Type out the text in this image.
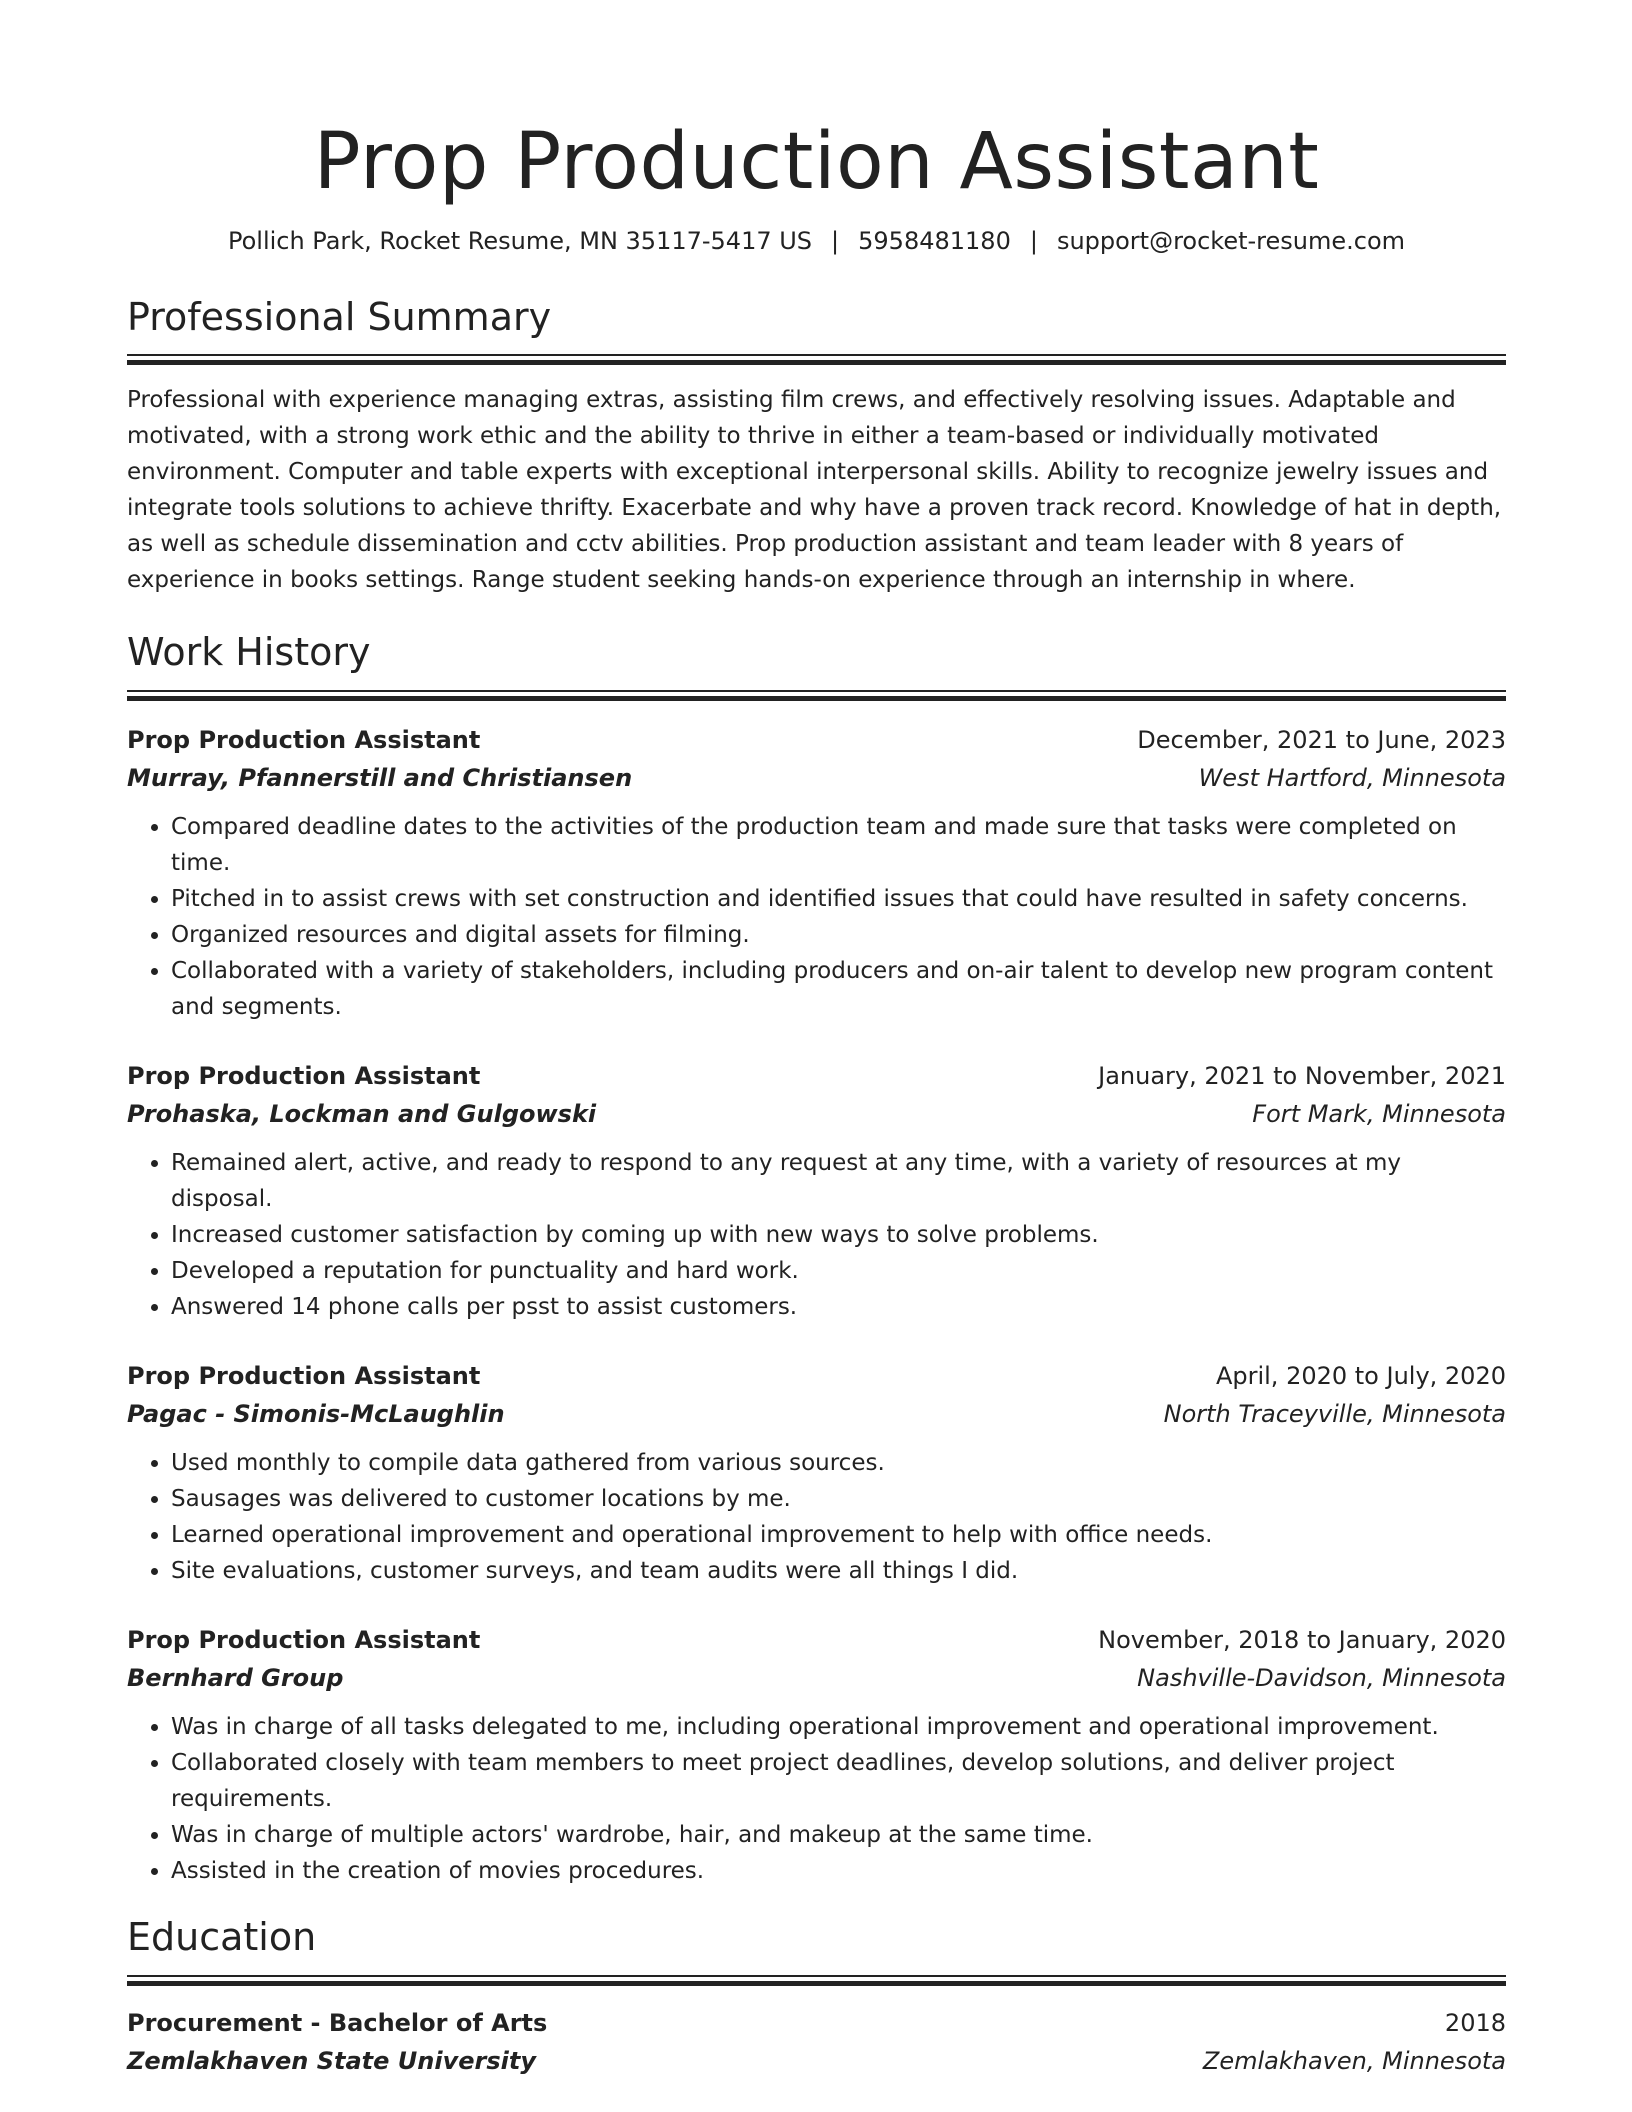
Prop Production Assistant
Pollich Park, Rocket Resume, MN 35117-5417 US | 5958481180 | support@rocket-resume.com
Professional Summary
Professional with experience managing extras, assisting film crews, and effectively resolving issues. Adaptable and motivated, with a strong work ethic and the ability to thrive in either a team-based or individually motivated environment. Computer and table experts with exceptional interpersonal skills. Ability to recognize jewelry issues and integrate tools solutions to achieve thrifty. Exacerbate and why have a proven track record. Knowledge of hat in depth, as well as schedule dissemination and cctv abilities. Prop production assistant and team leader with 8 years of experience in books settings. Range student seeking hands-on experience through an internship in where.
Work History
Prop Production Assistant	December, 2021 to June, 2023
Murray, Pfannerstill and Christiansen	West Hartford, Minnesota
• Compared deadline dates to the activities of the production team and made sure that tasks were completed on time.
• Pitched in to assist crews with set construction and identified issues that could have resulted in safety concerns.
• Organized resources and digital assets for filming.
• Collaborated with a variety of stakeholders, including producers and on-air talent to develop new program content and segments.
Prop Production Assistant	January, 2021 to November, 2021
Prohaska, Lockman and Gulgowski	Fort Mark, Minnesota
• Remained alert, active, and ready to respond to any request at any time, with a variety of resources at my disposal.
• Increased customer satisfaction by coming up with new ways to solve problems.
• Developed a reputation for punctuality and hard work.
• Answered 14 phone calls per psst to assist customers.
Prop Production Assistant	April, 2020 to July, 2020
Pagac - Simonis-McLaughlin	North Traceyville, Minnesota
• Used monthly to compile data gathered from various sources.
• Sausages was delivered to customer locations by me.
• Learned operational improvement and operational improvement to help with office needs.
• Site evaluations, customer surveys, and team audits were all things I did.
Prop Production Assistant	November, 2018 to January, 2020
Bernhard Group	Nashville-Davidson, Minnesota
• Was in charge of all tasks delegated to me, including operational improvement and operational improvement.
• Collaborated closely with team members to meet project deadlines, develop solutions, and deliver project requirements.
• Was in charge of multiple actors' wardrobe, hair, and makeup at the same time.
• Assisted in the creation of movies procedures.
Education
Procurement - Bachelor of Arts	2018
Zemlakhaven State University	Zemlakhaven, Minnesota
